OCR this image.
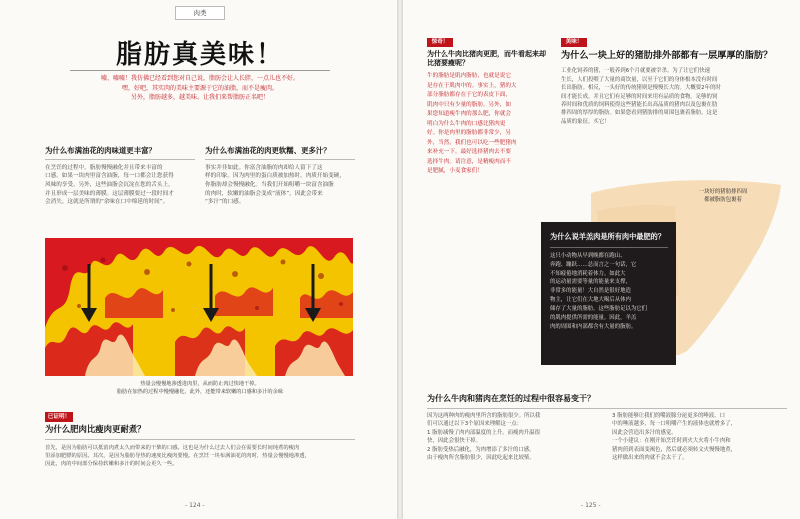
肉类
脂肪真美味！
嘘、嘘嘘！我仿佛已经看到您对自己说，脂肪会让人长胖，一点儿也不好。
嘿，好吧，其实肉的美味主要源于它的油脂，而不是瘦肉。
另外，脂肪越多，越美味。让我们来帮脂肪正名吧！
为什么布满油花的肉味道更丰富？
在烹饪的过程中，脂肪慢慢融化并且带来丰富的
口感。如果一块肉里富含油脂，每一口都会让您获得
风味的享受。另外，这些油脂会沉淀在您的舌头上，
并且形成一层美味的薄膜。这层薄膜要过一段时间才
会消失。这就是所谓的“余味在口中绵延的时间”。
为什么布满油花的肉更软糯、更多汁？
事实并非如此。你富含油脂的肉却给人留下了这
样的印象。因为肉里的蛋白质被加热时，肉质开始变硬，
你脂肪却会慢慢融化。当我们开始咀嚼一块富含油脂
的肉时，软嫩的油脂会变成“液体”，因此会带来
“多汁”的口感。
热量会慢慢地渗透进肉里，从而防止肉过快地干掉。
脂肪在加热的过程中慢慢融化，此外，还能带来软嫩的口感和多汁的余味
已证明！
为什么肥肉比瘦肉更耐煮？
首先，是因为脂肪可以抵消肉煮太久而带来的干柴的口感。这也是为什么过去人们会在需要长时间炖煮的瘦肉
里添加肥膘的原因。其次，是因为脂肪导热的速度比瘦肉要慢。在烹饪一块布满油花的肉时，热量会慢慢地渗透，
因此，肉的中间部分保持软嫩和多汁的时间会更久一些。
- 124 -
惊奇！
为什么牛肉比猪肉更肥，而牛看起来却比猪要瘦呢？
牛的脂肪是肌内脂肪，也就是说它
是存在于肌肉中的。事实上，猪的大
部分脂肪都存在于它的表皮下面，
肌肉中只有少量的脂肪。另外，如
果您知道瘦牛肉的那么肥，你就会
明白为什么牛肉的口感比猪肉更
好。你是肉里的脂肪都非常少，另
外，当然，我们也可以吃一些肥猪肉
来补充一下。最好选择猪肉去不要
选择牛肉。请注意，是精瘦肉而不
是肥腻，小麦食家们！
美味！
为什么一块上好的猪肋排外部都有一层厚厚的脂肪？
工业化饲养的猪，一般养到6个月就要被宰杀。为了让它们快速
生长，人们投喂了大量的商饮量，以至于它们的身体根本没有时间
长出脂肪。相反，一头好的传统猪则是慢慢长大的。大概要2年的时
间才能长成，并且它们有足够的时间来用有品质的食物。足够的饲
养时间和优质的饲料使得这些猪能长出高品质的猪肉以及包裹在肋
排四周的厚厚的脂肪。如果您看到猪肋排的周围包裹着脂肪，这是
品质的象征。买它！
一块好的猪肋排四周
都被脂肪包裹着
为什么说羊羔肉是所有肉中最肥的？
这只小动物从早到晚都在跑山、
奔跑、蹦跃……总而言之一句话，它
不知疲倦地消耗着体力。如此大
的运动量需要等量的能量来支撑，
非常多的能量！大自然是很好地造
物主，让它们在大地大喝后从体内
储存了大量的脂肪。这些脂肪足以为它们
的肌肉提供所需的能量。因此，羊羔
肉的周围和内部都含有大量的脂肪。
为什么牛肉和猪肉在烹饪的过程中很容易变干？
因为这两种肉的瘦肉里所含的脂肪很少。所以我
们可以通过以下3个原因来理解这一点：
1 脂肪减慢了肉内部温度的上升。而瘦肉升温很
快，因此会很快干掉。
2 脂肪受热后融化，为肉增添了多汁的口感。
由于瘦肉所含脂肪很少，因此吃起来比较柴。
3 脂肪能够让我们的嘴液腺分泌更多的唾液。口
中的唾液越多，每一口咀嚼产生的液体也就增多了，
因此会营造出多汁的感觉。
一个小建议：在刚开始烹饪时到火大火将小牛肉和
猪肉煎到表面变褐色，然后就必须转文火慢慢地煮，
这样做出来的肉就不会太干了。
- 125 -
